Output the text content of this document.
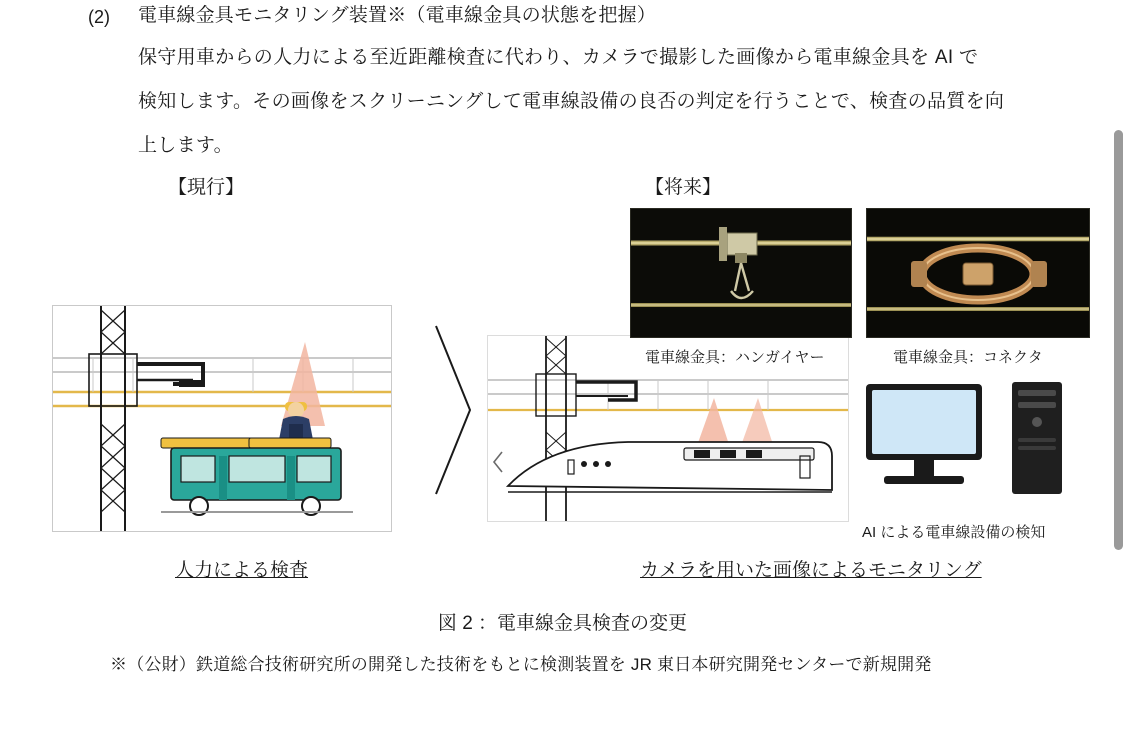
(2) 電車線金具モニタリング装置※（電車線金具の状態を把握）
保守用車からの人力による至近距離検査に代わり、カメラで撮影した画像から電車線金具を AI で
検知します。その画像をスクリーニングして電車線設備の良否の判定を行うことで、検査の品質を向
上します。
【現行】	【将来】
人力による検査
電車線金具：ハンガイヤー	電車線金具：コネクタ
AI による電車線設備の検知
カメラを用いた画像によるモニタリング
図 2 ：電車線金具検査の変更
※（公財）鉄道総合技術研究所の開発した技術をもとに検測装置を JR 東日本研究開発センターで新規開発
